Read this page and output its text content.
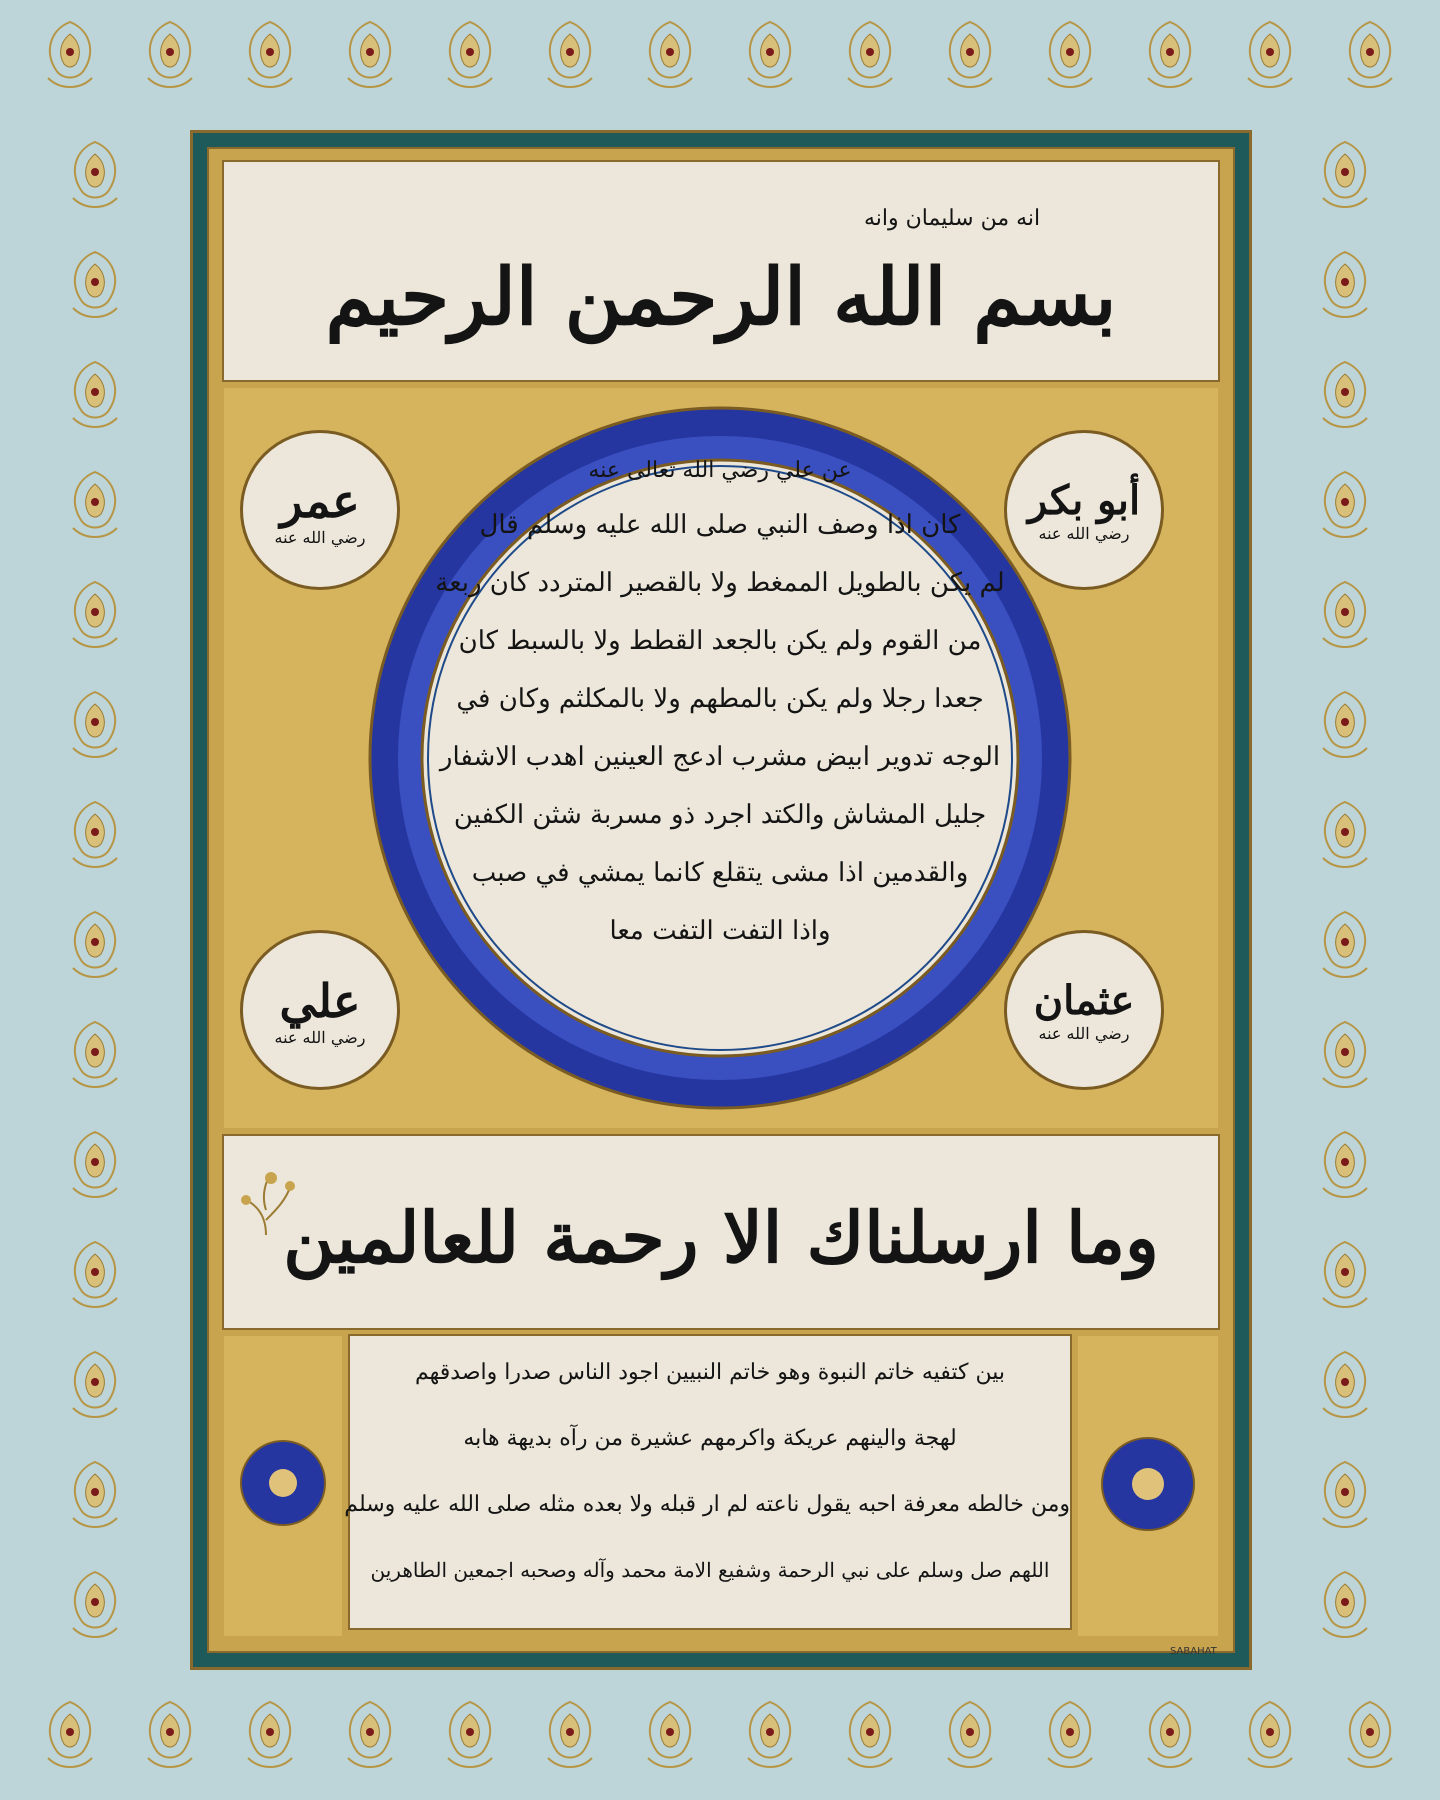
انه من سليمان وانه
بسم الله الرحمن الرحيم
عن علي رضي الله تعالى عنه
كان اذا وصف النبي صلى الله عليه وسلم قال
لم يكن بالطويل الممغط ولا بالقصير المتردد كان ربعة
من القوم ولم يكن بالجعد القطط ولا بالسبط كان
جعدا رجلا ولم يكن بالمطهم ولا بالمكلثم وكان في
الوجه تدوير ابيض مشرب ادعج العينين اهدب الاشفار
جليل المشاش والكتد اجرد ذو مسربة شثن الكفين
والقدمين اذا مشى يتقلع كانما يمشي في صبب
واذا التفت التفت معا
عمر
رضي الله عنه
أبو بكر
رضي الله عنه
علي
رضي الله عنه
عثمان
رضي الله عنه
وما ارسلناك الا رحمة للعالمين
بين كتفيه خاتم النبوة وهو خاتم النبيين اجود الناس صدرا واصدقهم
لهجة والينهم عريكة واكرمهم عشيرة من رآه بديهة هابه
ومن خالطه معرفة احبه يقول ناعته لم ار قبله ولا بعده مثله صلى الله عليه وسلم
اللهم صل وسلم على نبي الرحمة وشفيع الامة محمد وآله وصحبه اجمعين الطاهرين
SABAHAT
